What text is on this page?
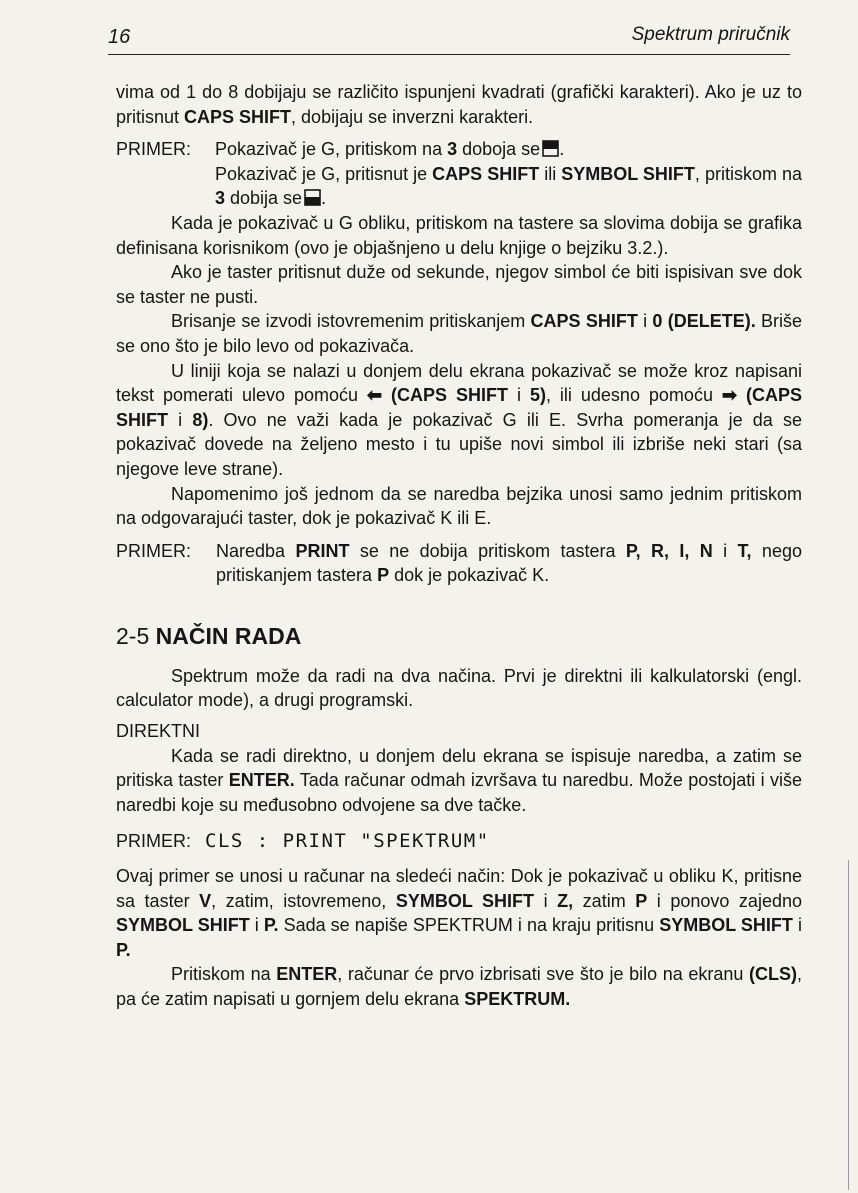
16	Spektrum priručnik

vima od 1 do 8 dobijaju se različito ispunjeni kvadrati (grafički karakteri). Ako je uz to pritisnut CAPS SHIFT, dobijaju se inverzni karakteri.

PRIMER:	Pokazivač je G, pritiskom na 3 doboja se .
Pokazivač je G, pritisnut je CAPS SHIFT ili SYMBOL SHIFT, pritiskom na 3 dobija se .

Kada je pokazivač u G obliku, pritiskom na tastere sa slovima dobija se grafika definisana korisnikom (ovo je objašnjeno u delu knjige o bejziku 3.2.).

Ako je taster pritisnut duže od sekunde, njegov simbol će biti ispisivan sve dok se taster ne pusti.

Brisanje se izvodi istovremenim pritiskanjem CAPS SHIFT i 0 (DELETE). Briše se ono što je bilo levo od pokazivača.

U liniji koja se nalazi u donjem delu ekrana pokazivač se može kroz napisani tekst pomerati ulevo pomoću ⬅ (CAPS SHIFT i 5), ili udesno pomoću ➡ (CAPS SHIFT i 8). Ovo ne važi kada je pokazivač G ili E. Svrha pomeranja je da se pokazivač dovede na željeno mesto i tu upiše novi simbol ili izbriše neki stari (sa njegove leve strane).

Napomenimo još jednom da se naredba bejzika unosi samo jednim pritiskom na odgovarajući taster, dok je pokazivač K ili E.

PRIMER:	Naredba PRINT se ne dobija pritiskom tastera P, R, I, N i T, nego pritiskanjem tastera P dok je pokazivač K.

2-5 NAČIN RADA

Spektrum može da radi na dva načina. Prvi je direktni ili kalkulatorski (engl. calculator mode), a drugi programski.

DIREKTNI

Kada se radi direktno, u donjem delu ekrana se ispisuje naredba, a zatim se pritiska taster ENTER. Tada računar odmah izvršava tu naredbu. Može postojati i više naredbi koje su međusobno odvojene sa dve tačke.

PRIMER: CLS : PRINT "SPEKTRUM"

Ovaj primer se unosi u računar na sledeći način: Dok je pokazivač u obliku K, pritisne sa taster V, zatim, istovremeno, SYMBOL SHIFT i Z, zatim P i ponovo zajedno SYMBOL SHIFT i P. Sada se napiše SPEKTRUM i na kraju pritisnu SYMBOL SHIFT i P.

Pritiskom na ENTER, računar će prvo izbrisati sve što je bilo na ekranu (CLS), pa će zatim napisati u gornjem delu ekrana SPEKTRUM.
